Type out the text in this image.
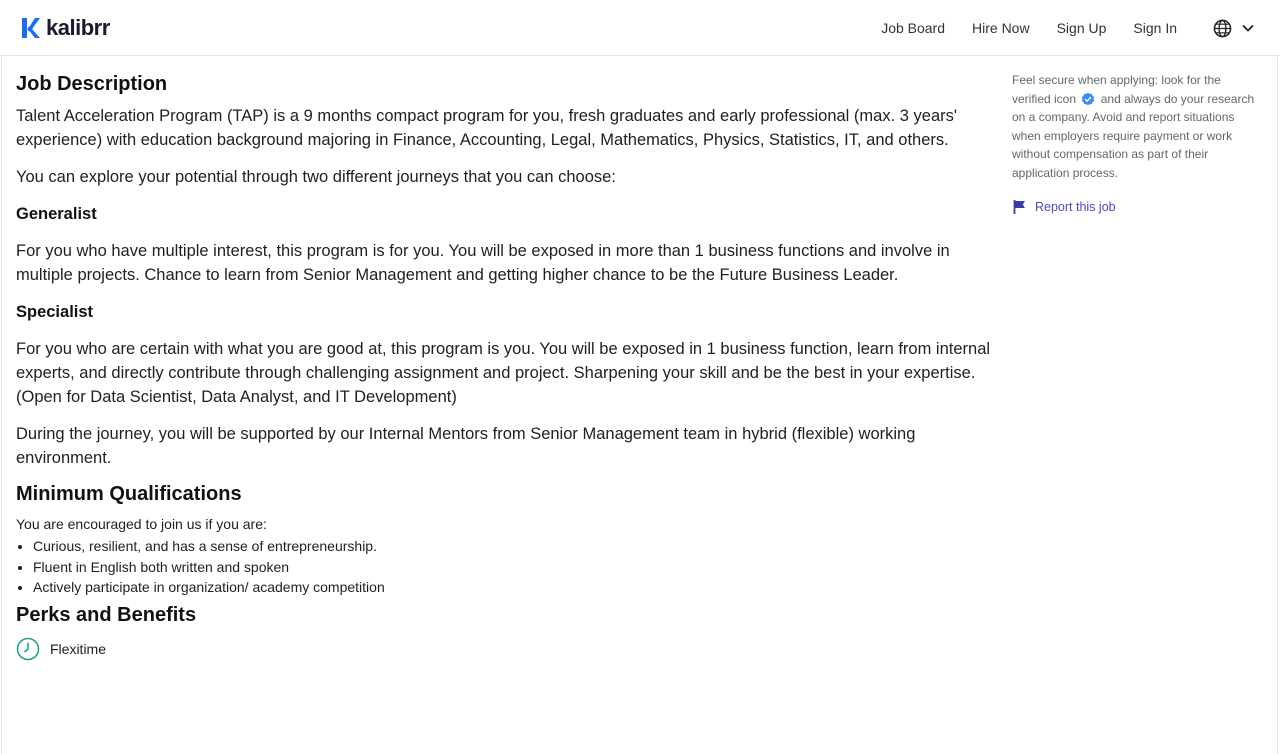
kalibrr	Job Board Hire Now Sign Up Sign In
Job Description

Talent Acceleration Program (TAP) is a 9 months compact program for you, fresh graduates and early professional (max. 3 years' experience) with education background majoring in Finance, Accounting, Legal, Mathematics, Physics, Statistics, IT, and others.

You can explore your potential through two different journeys that you can choose:

Generalist

For you who have multiple interest, this program is for you. You will be exposed in more than 1 business functions and involve in multiple projects. Chance to learn from Senior Management and getting higher chance to be the Future Business Leader.

Specialist

For you who are certain with what you are good at, this program is you. You will be exposed in 1 business function, learn from internal experts, and directly contribute through challenging assignment and project. Sharpening your skill and be the best in your expertise. (Open for Data Scientist, Data Analyst, and IT Development)

During the journey, you will be supported by our Internal Mentors from Senior Management team in hybrid (flexible) working environment.

Minimum Qualifications

You are encouraged to join us if you are:

• Curious, resilient, and has a sense of entrepreneurship.
• Fluent in English both written and spoken
• Actively participate in organization/ academy competition
Perks and Benefits
Flexitime
Feel secure when applying: look for the verified icon and always do your research on a company. Avoid and report situations when employers require payment or work without compensation as part of their application process.
Report this job
